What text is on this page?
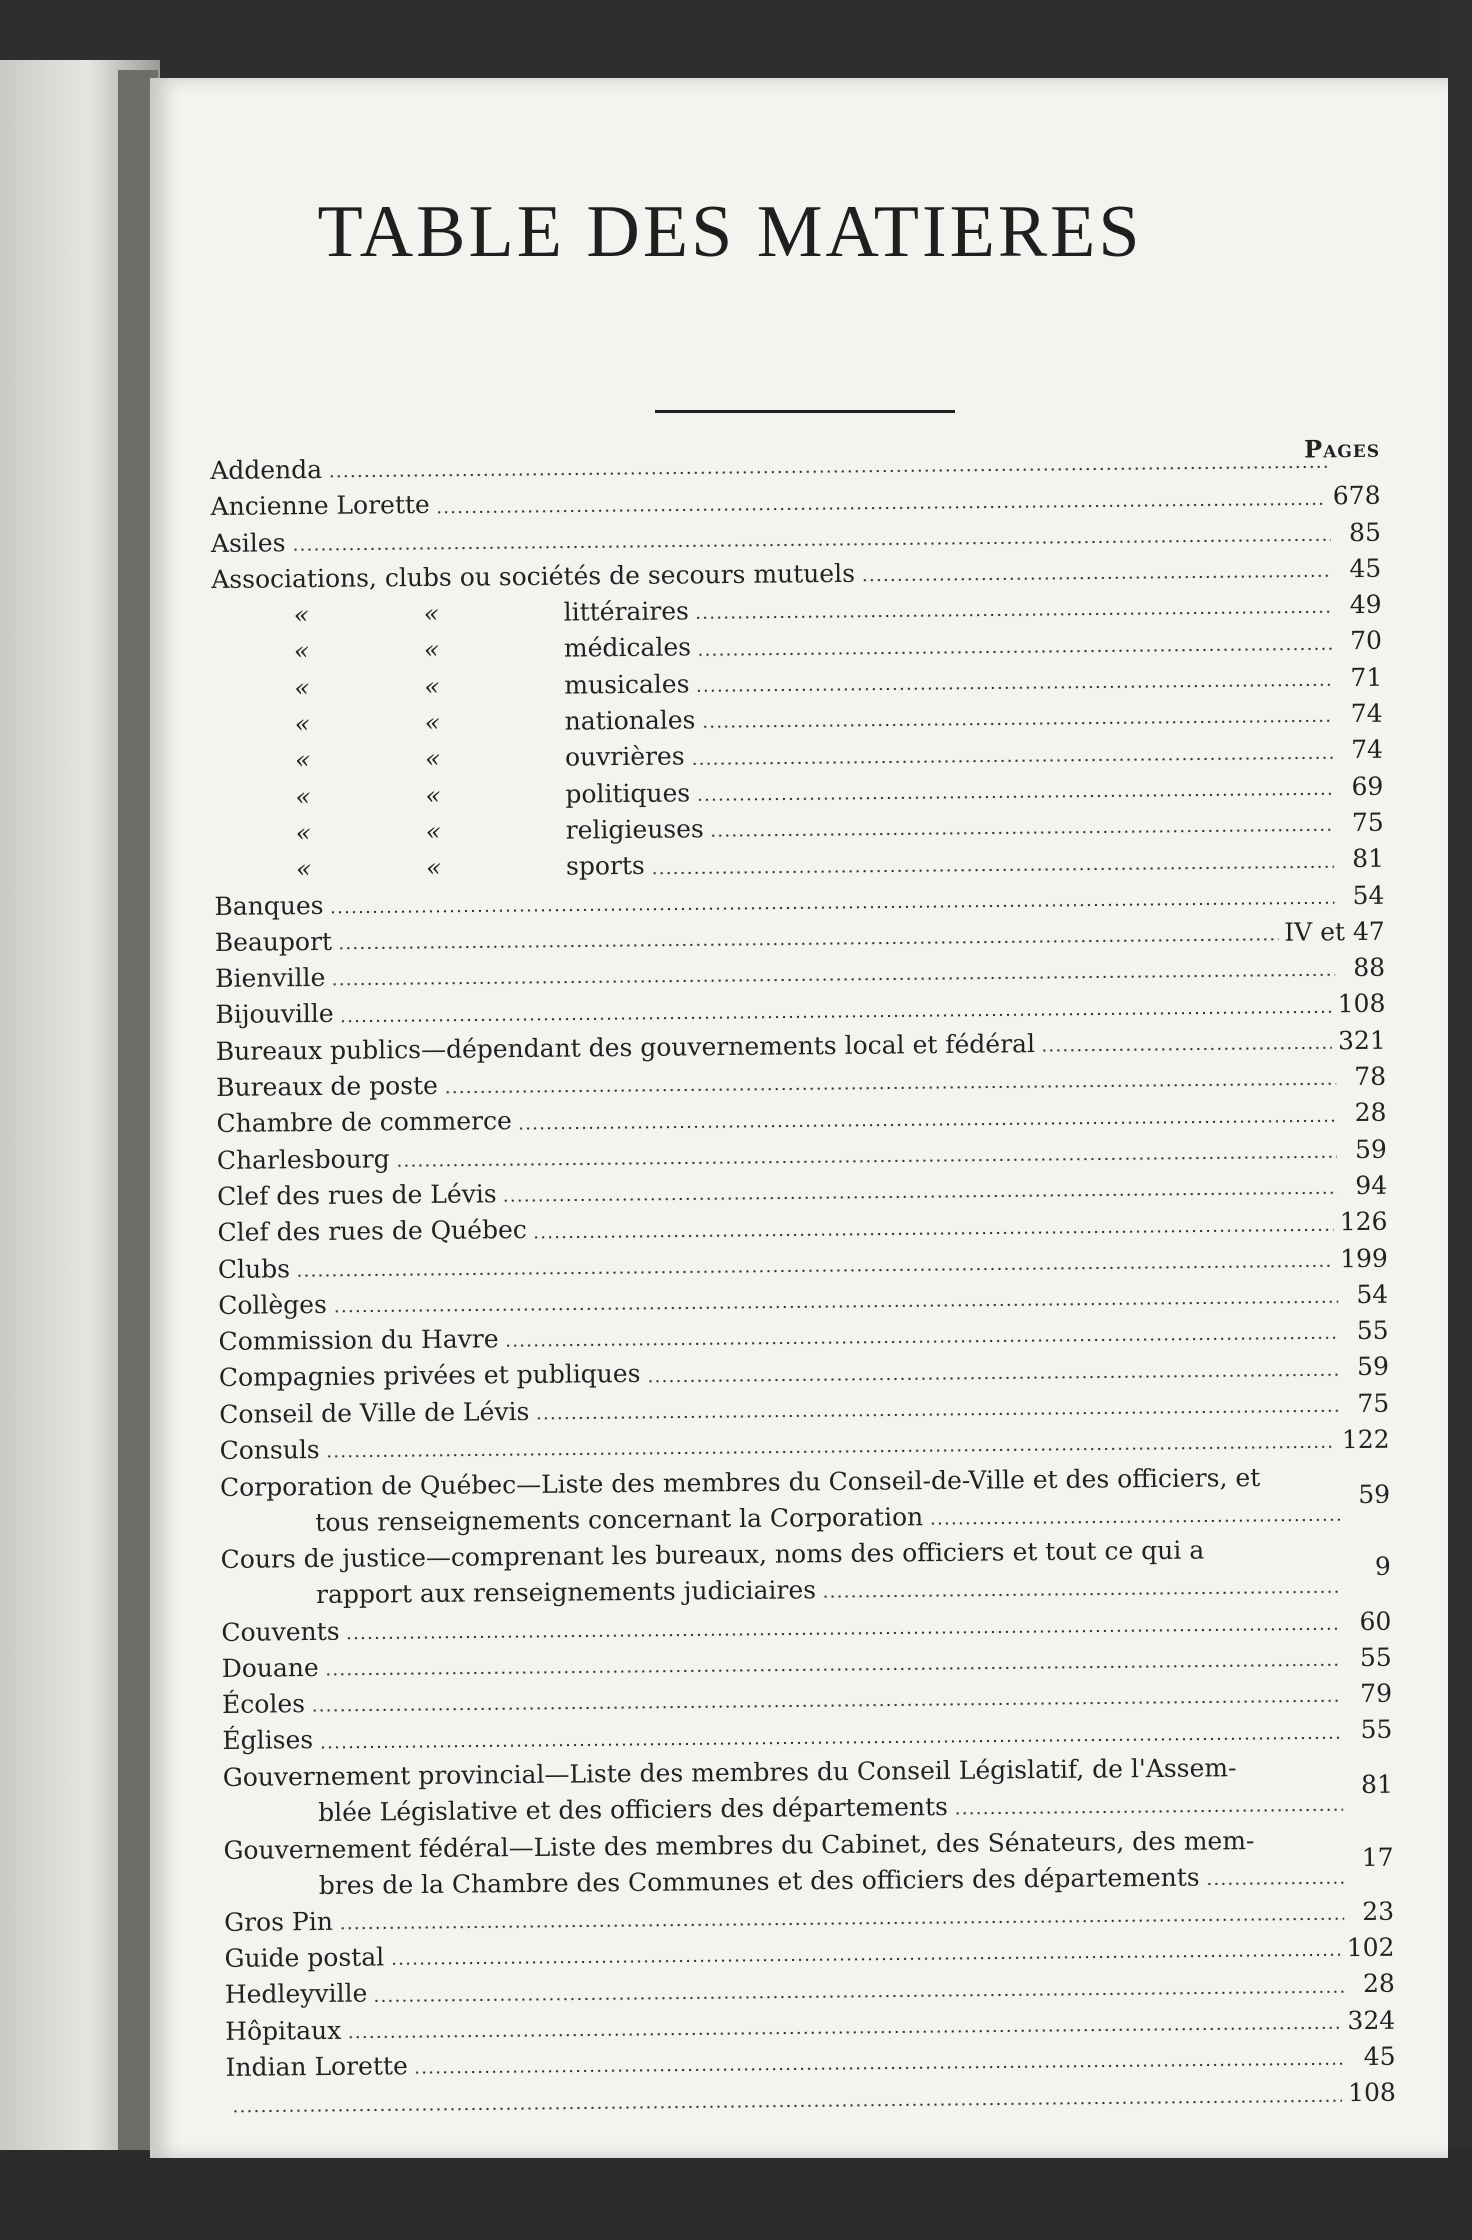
TABLE DES MATIERES
Pages
Addenda
Ancienne Lorette	678
Asiles	85
Associations, clubs ou sociétés de secours mutuels	45
«	«	littéraires	49
«	«	médicales	70
«	«	musicales	71
«	«	nationales	74
«	«	ouvrières	74
«	«	politiques	69
«	«	religieuses	75
«	«	sports	81
Banques	54
Beauport	IV et 47
Bienville	88
Bijouville	108
Bureaux publics—dépendant des gouvernements local et fédéral	321
Bureaux de poste	78
Chambre de commerce	28
Charlesbourg	59
Clef des rues de Lévis	94
Clef des rues de Québec	126
Clubs	199
Collèges	54
Commission du Havre	55
Compagnies privées et publiques	59
Conseil de Ville de Lévis	75
Consuls	122
Corporation de Québec—Liste des membres du Conseil-de-Ville et des officiers, et
tous renseignements concernant la Corporation
59
Cours de justice—comprenant les bureaux, noms des officiers et tout ce qui a
rapport aux renseignements judiciaires
9
Couvents	60
Douane	55
Écoles	79
Églises	55
Gouvernement provincial—Liste des membres du Conseil Législatif, de l'Assem-
blée Législative et des officiers des départements
81
Gouvernement fédéral—Liste des membres du Cabinet, des Sénateurs, des mem-
bres de la Chambre des Communes et des officiers des départements
17
Gros Pin	23
Guide postal	102
Hedleyville	28
Hôpitaux	324
Indian Lorette	45
108
